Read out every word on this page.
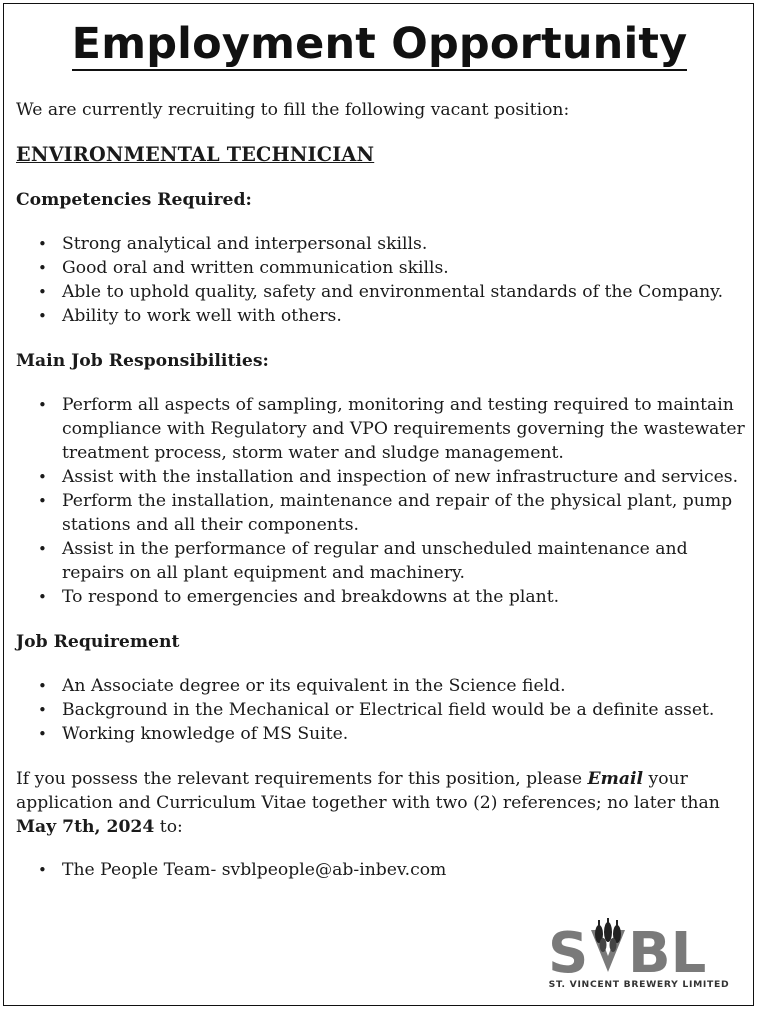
Employment Opportunity

We are currently recruiting to fill the following vacant position:

ENVIRONMENTAL TECHNICIAN

Competencies Required:

• Strong analytical and interpersonal skills.
• Good oral and written communication skills.
• Able to uphold quality, safety and environmental standards of the Company.
• Ability to work well with others.

Main Job Responsibilities:

• Perform all aspects of sampling, monitoring and testing required to maintain compliance with Regulatory and VPO requirements governing the wastewater treatment process, storm water and sludge management.
• Assist with the installation and inspection of new infrastructure and services.
• Perform the installation, maintenance and repair of the physical plant, pump stations and all their components.
• Assist in the performance of regular and unscheduled maintenance and repairs on all plant equipment and machinery.
• To respond to emergencies and breakdowns at the plant.

Job Requirement

• An Associate degree or its equivalent in the Science field.
• Background in the Mechanical or Electrical field would be a definite asset.
• Working knowledge of MS Suite.

If you possess the relevant requirements for this position, please Email your application and Curriculum Vitae together with two (2) references; no later than May 7th, 2024 to:

• The People Team- svblpeople@ab-inbev.com
S BL
ST. VINCENT BREWERY LIMITED
